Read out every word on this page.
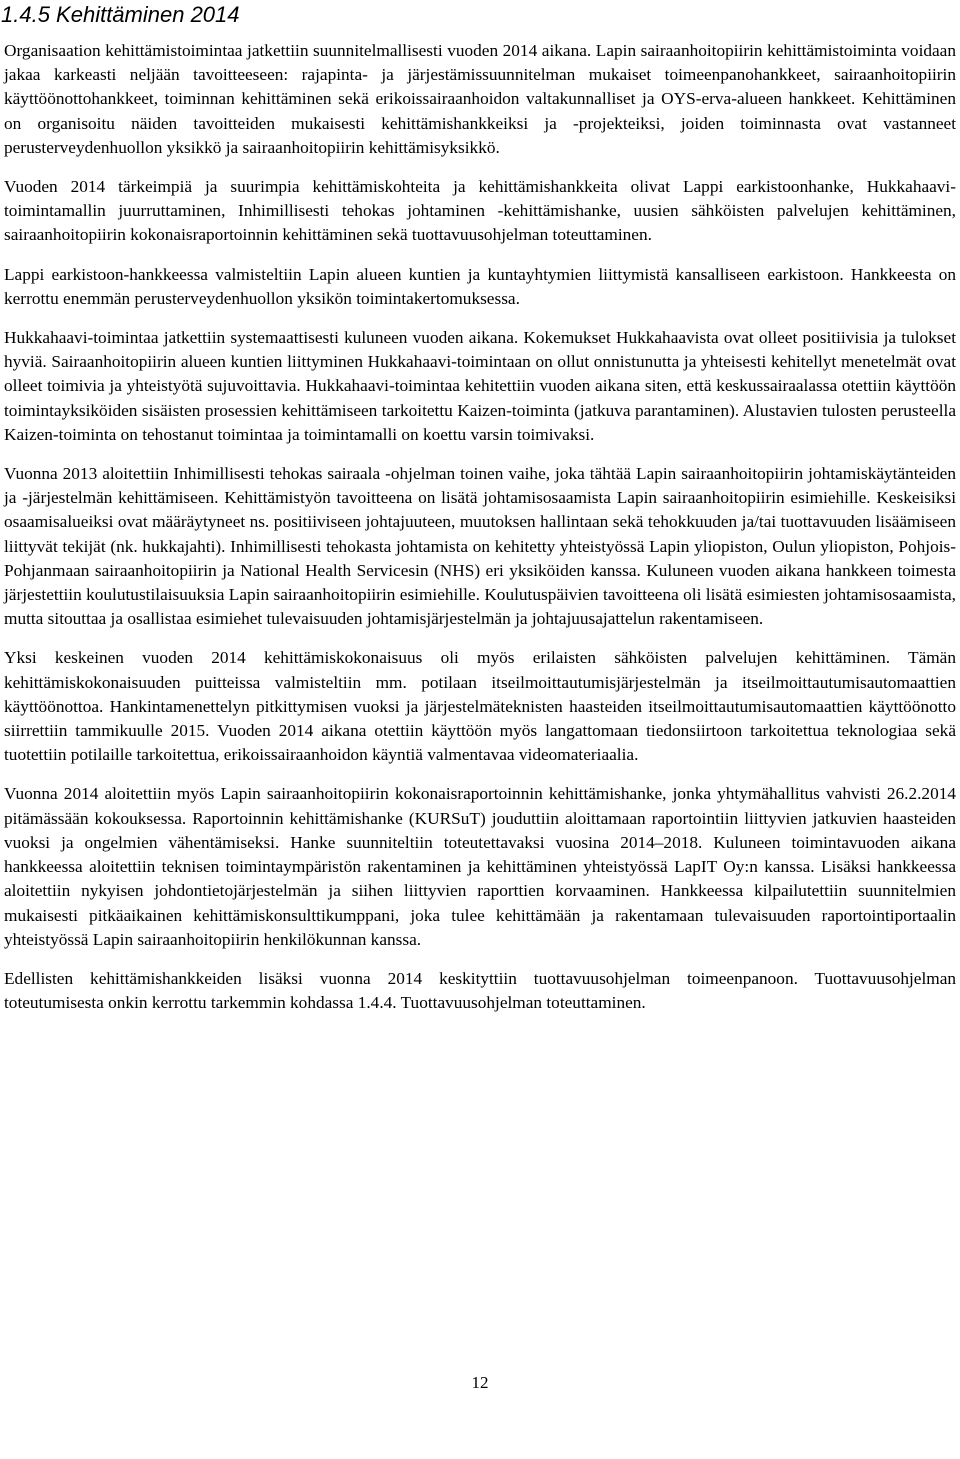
1.4.5 Kehittäminen 2014

Organisaation kehittämistoimintaa jatkettiin suunnitelmallisesti vuoden 2014 aikana. Lapin sairaanhoitopiirin kehittämistoiminta voidaan jakaa karkeasti neljään tavoitteeseen: rajapinta- ja järjestämissuunnitelman mukaiset toimeenpanohankkeet, sairaanhoitopiirin käyttöönottohankkeet, toiminnan kehittäminen sekä erikoissairaanhoidon valtakunnalliset ja OYS-erva-alueen hankkeet. Kehittäminen on organisoitu näiden tavoitteiden mukaisesti kehittämishankkeiksi ja -projekteiksi, joiden toiminnasta ovat vastanneet perusterveydenhuollon yksikkö ja sairaanhoitopiirin kehittämisyksikkö.

Vuoden 2014 tärkeimpiä ja suurimpia kehittämiskohteita ja kehittämishankkeita olivat Lappi earkistoonhanke, Hukkahaavi-toimintamallin juurruttaminen, Inhimillisesti tehokas johtaminen -kehittämishanke, uusien sähköisten palvelujen kehittäminen, sairaanhoitopiirin kokonaisraportoinnin kehittäminen sekä tuottavuusohjelman toteuttaminen.

Lappi earkistoon-hankkeessa valmisteltiin Lapin alueen kuntien ja kuntayhtymien liittymistä kansalliseen earkistoon. Hankkeesta on kerrottu enemmän perusterveydenhuollon yksikön toimintakertomuksessa.

Hukkahaavi-toimintaa jatkettiin systemaattisesti kuluneen vuoden aikana. Kokemukset Hukkahaavista ovat olleet positiivisia ja tulokset hyviä. Sairaanhoitopiirin alueen kuntien liittyminen Hukkahaavi-toimintaan on ollut onnistunutta ja yhteisesti kehitellyt menetelmät ovat olleet toimivia ja yhteistyötä sujuvoittavia. Hukkahaavi-toimintaa kehitettiin vuoden aikana siten, että keskussairaalassa otettiin käyttöön toimintayksiköiden sisäisten prosessien kehittämiseen tarkoitettu Kaizen-toiminta (jatkuva parantaminen). Alustavien tulosten perusteella Kaizen-toiminta on tehostanut toimintaa ja toimintamalli on koettu varsin toimivaksi.

Vuonna 2013 aloitettiin Inhimillisesti tehokas sairaala -ohjelman toinen vaihe, joka tähtää Lapin sairaanhoitopiirin johtamiskäytänteiden ja -järjestelmän kehittämiseen. Kehittämistyön tavoitteena on lisätä johtamisosaamista Lapin sairaanhoitopiirin esimiehille. Keskeisiksi osaamisalueiksi ovat määräytyneet ns. positiiviseen johtajuuteen, muutoksen hallintaan sekä tehokkuuden ja/tai tuottavuuden lisäämiseen liittyvät tekijät (nk. hukkajahti). Inhimillisesti tehokasta johtamista on kehitetty yhteistyössä Lapin yliopiston, Oulun yliopiston, Pohjois-Pohjanmaan sairaanhoitopiirin ja National Health Servicesin (NHS) eri yksiköiden kanssa. Kuluneen vuoden aikana hankkeen toimesta järjestettiin koulutustilaisuuksia Lapin sairaanhoitopiirin esimiehille. Koulutuspäivien tavoitteena oli lisätä esimiesten johtamisosaamista, mutta sitouttaa ja osallistaa esimiehet tulevaisuuden johtamisjärjestelmän ja johtajuusajattelun rakentamiseen.

Yksi keskeinen vuoden 2014 kehittämiskokonaisuus oli myös erilaisten sähköisten palvelujen kehittäminen. Tämän kehittämiskokonaisuuden puitteissa valmisteltiin mm. potilaan itseilmoittautumisjärjestelmän ja itseilmoittautumisautomaattien käyttöönottoa. Hankintamenettelyn pitkittymisen vuoksi ja järjestelmäteknisten haasteiden itseilmoittautumisautomaattien käyttöönotto siirrettiin tammikuulle 2015. Vuoden 2014 aikana otettiin käyttöön myös langattomaan tiedonsiirtoon tarkoitettua teknologiaa sekä tuotettiin potilaille tarkoitettua, erikoissairaanhoidon käyntiä valmentavaa videomateriaalia.

Vuonna 2014 aloitettiin myös Lapin sairaanhoitopiirin kokonaisraportoinnin kehittämishanke, jonka yhtymähallitus vahvisti 26.2.2014 pitämässään kokouksessa. Raportoinnin kehittämishanke (KURSuT) jouduttiin aloittamaan raportointiin liittyvien jatkuvien haasteiden vuoksi ja ongelmien vähentämiseksi. Hanke suunniteltiin toteutettavaksi vuosina 2014–2018. Kuluneen toimintavuoden aikana hankkeessa aloitettiin teknisen toimintaympäristön rakentaminen ja kehittäminen yhteistyössä LapIT Oy:n kanssa. Lisäksi hankkeessa aloitettiin nykyisen johdontietojärjestelmän ja siihen liittyvien raporttien korvaaminen. Hankkeessa kilpailutettiin suunnitelmien mukaisesti pitkäaikainen kehittämiskonsulttikumppani, joka tulee kehittämään ja rakentamaan tulevaisuuden raportointiportaalin yhteistyössä Lapin sairaanhoitopiirin henkilökunnan kanssa.

Edellisten kehittämishankkeiden lisäksi vuonna 2014 keskityttiin tuottavuusohjelman toimeenpanoon. Tuottavuusohjelman toteutumisesta onkin kerrottu tarkemmin kohdassa 1.4.4. Tuottavuusohjelman toteuttaminen.

12
